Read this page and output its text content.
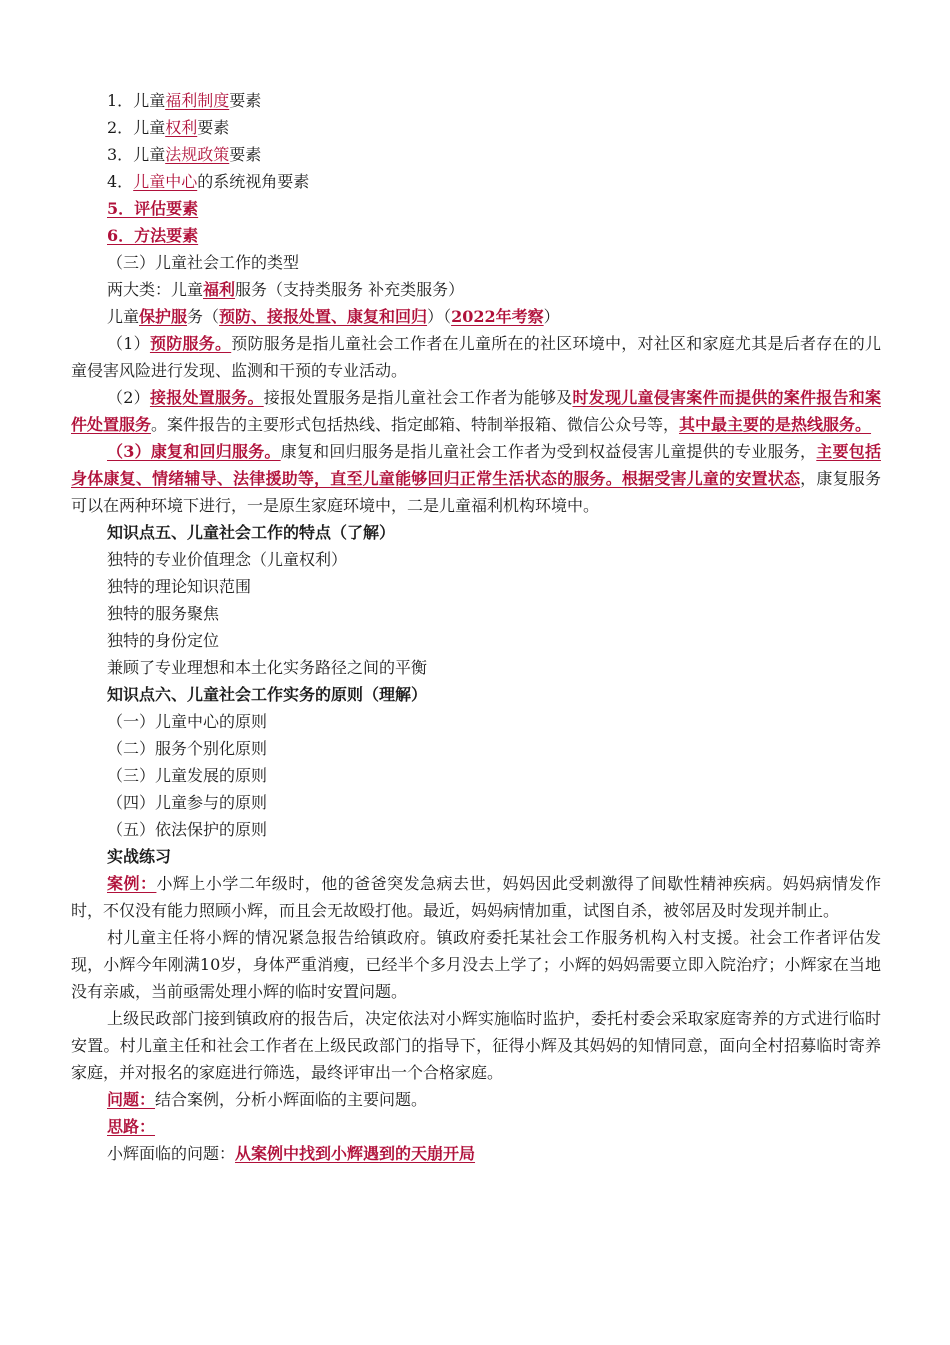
1．儿童福利制度要素

2．儿童权利要素

3．儿童法规政策要素

4．儿童中心的系统视角要素

5．评估要素

6．方法要素

（三）儿童社会工作的类型

两大类：儿童福利服务（支持类服务 补充类服务）

儿童保护服务（预防、接报处置、康复和回归）（2022年考察）

（1）预防服务。预防服务是指儿童社会工作者在儿童所在的社区环境中，对社区和家庭尤其是后者存在的儿童侵害风险进行发现、监测和干预的专业活动。

（2）接报处置服务。接报处置服务是指儿童社会工作者为能够及时发现儿童侵害案件而提供的案件报告和案件处置服务。案件报告的主要形式包括热线、指定邮箱、特制举报箱、微信公众号等，其中最主要的是热线服务。

（3）康复和回归服务。康复和回归服务是指儿童社会工作者为受到权益侵害儿童提供的专业服务，主要包括身体康复、情绪辅导、法律援助等，直至儿童能够回归正常生活状态的服务。根据受害儿童的安置状态，康复服务可以在两种环境下进行，一是原生家庭环境中，二是儿童福利机构环境中。

知识点五、儿童社会工作的特点（了解）

独特的专业价值理念（儿童权利）

独特的理论知识范围

独特的服务聚焦

独特的身份定位

兼顾了专业理想和本土化实务路径之间的平衡

知识点六、儿童社会工作实务的原则（理解）

（一）儿童中心的原则

（二）服务个别化原则

（三）儿童发展的原则

（四）儿童参与的原则

（五）依法保护的原则

实战练习

案例：小辉上小学二年级时，他的爸爸突发急病去世，妈妈因此受刺激得了间歇性精神疾病。妈妈病情发作时，不仅没有能力照顾小辉，而且会无故殴打他。最近，妈妈病情加重，试图自杀，被邻居及时发现并制止。

村儿童主任将小辉的情况紧急报告给镇政府。镇政府委托某社会工作服务机构入村支援。社会工作者评估发现，小辉今年刚满10岁，身体严重消瘦，已经半个多月没去上学了；小辉的妈妈需要立即入院治疗；小辉家在当地没有亲戚，当前亟需处理小辉的临时安置问题。

上级民政部门接到镇政府的报告后，决定依法对小辉实施临时监护，委托村委会采取家庭寄养的方式进行临时安置。村儿童主任和社会工作者在上级民政部门的指导下，征得小辉及其妈妈的知情同意，面向全村招募临时寄养家庭，并对报名的家庭进行筛选，最终评审出一个合格家庭。

问题：结合案例，分析小辉面临的主要问题。

思路：

小辉面临的问题：从案例中找到小辉遇到的天崩开局
